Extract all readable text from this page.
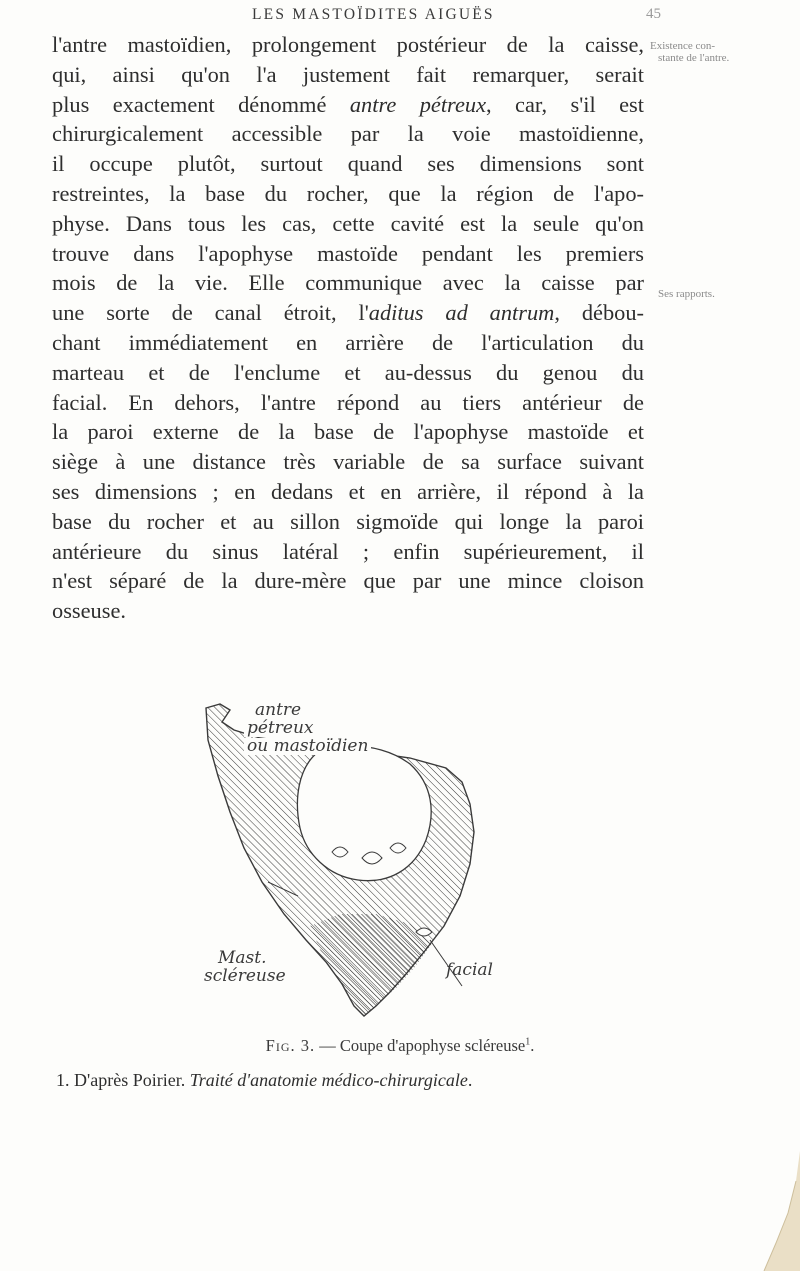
LES MASTOÏDITES AIGUËS	45
Existence con-
stante de l'antre.
Ses rapports.
l'antre mastoïdien, prolongement postérieur de la caisse,
qui, ainsi qu'on l'a justement fait remarquer, serait
plus exactement dénommé antre pétreux, car, s'il est
chirurgicalement accessible par la voie mastoïdienne,
il occupe plutôt, surtout quand ses dimensions sont
restreintes, la base du rocher, que la région de l'apo-
physe. Dans tous les cas, cette cavité est la seule qu'on
trouve dans l'apophyse mastoïde pendant les premiers
mois de la vie. Elle communique avec la caisse par
une sorte de canal étroit, l'aditus ad antrum, débou-
chant immédiatement en arrière de l'articulation du
marteau et de l'enclume et au-dessus du genou du
facial. En dehors, l'antre répond au tiers antérieur de
la paroi externe de la base de l'apophyse mastoïde et
siège à une distance très variable de sa surface suivant
ses dimensions ; en dedans et en arrière, il répond à la
base du rocher et au sillon sigmoïde qui longe la paroi
antérieure du sinus latéral ; enfin supérieurement, il
n'est séparé de la dure-mère que par une mince cloison
osseuse.
antre
pétreux
ou mastoïdien
Mast.
scléreuse	facial
Fig. 3. — Coupe d'apophyse scléreuse$^1$.
1. D'après Poirier. Traité d'anatomie médico-chirurgicale.
